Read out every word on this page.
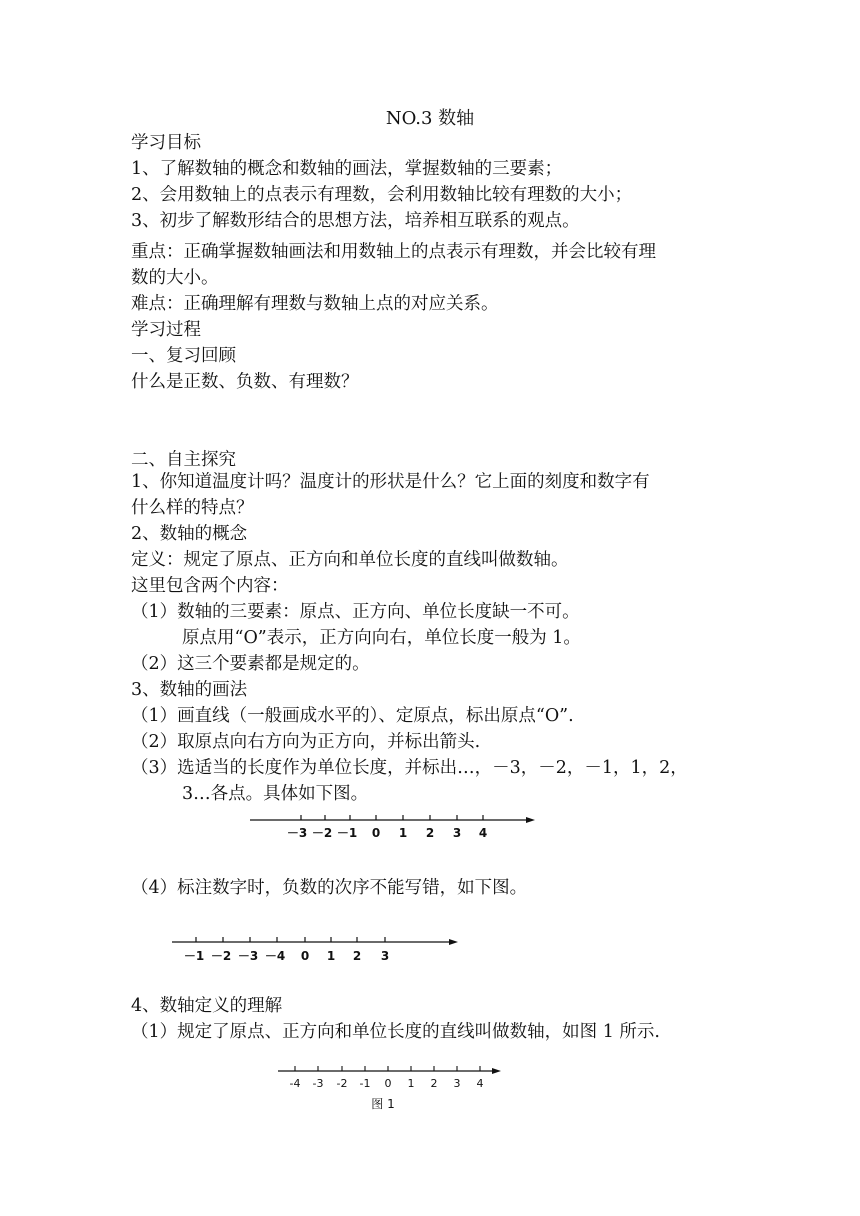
NO.3 数轴
学习目标
1、了解数轴的概念和数轴的画法，掌握数轴的三要素；
2、会用数轴上的点表示有理数，会利用数轴比较有理数的大小；
3、初步了解数形结合的思想方法，培养相互联系的观点。
重点：正确掌握数轴画法和用数轴上的点表示有理数，并会比较有理
数的大小。
难点：正确理解有理数与数轴上点的对应关系。
学习过程
一、复习回顾
什么是正数、负数、有理数？
二、自主探究
1、你知道温度计吗？温度计的形状是什么？它上面的刻度和数字有
什么样的特点？
2、数轴的概念
定义：规定了原点、正方向和单位长度的直线叫做数轴。
这里包含两个内容：
（1）数轴的三要素：原点、正方向、单位长度缺一不可。
原点用“O”表示，正方向向右，单位长度一般为 1。
（2）这三个要素都是规定的。
3、数轴的画法
（1）画直线（一般画成水平的）、定原点，标出原点“O”.
（2）取原点向右方向为正方向，并标出箭头.
（3）选适当的长度作为单位长度，并标出…，－3，－2，－1，1，2，
3…各点。具体如下图。
－3 －2 －1 0 1 2 3 4
（4）标注数字时，负数的次序不能写错，如下图。
－1 －2 －3 －4 0 1 2 3
4、数轴定义的理解
（1）规定了原点、正方向和单位长度的直线叫做数轴，如图 1 所示.
-4 -3 -2 -1 0 1 2 3 4
图 1
